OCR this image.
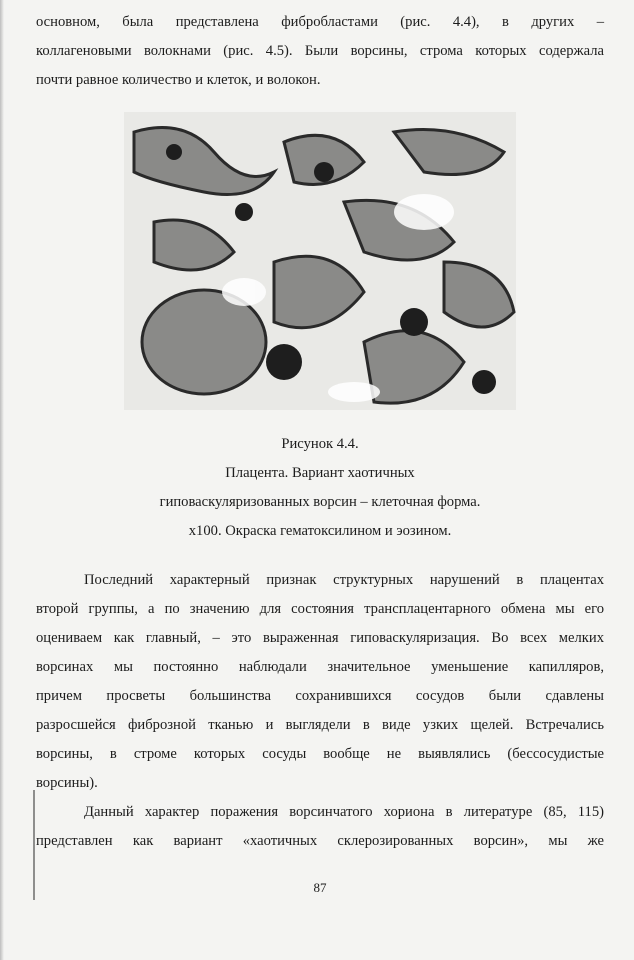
основном, была представлена фибробластами (рис. 4.4), в других –

коллагеновыми волокнами (рис. 4.5). Были ворсины, строма которых содержала

почти равное количество и клеток, и волокон.

Рисунок 4.4.
Плацента. Вариант хаотичных
гиповаскуляризованных ворсин – клеточная форма.
х100. Окраска гематоксилином и эозином.

Последний характерный признак структурных нарушений в плацентах

второй группы, а по значению для состояния трансплацентарного обмена мы его

оцениваем как главный, – это выраженная гиповаскуляризация. Во всех мелких

ворсинах мы постоянно наблюдали значительное уменьшение капилляров,

причем просветы большинства сохранившихся сосудов были сдавлены

разросшейся фиброзной тканью и выглядели в виде узких щелей. Встречались

ворсины, в строме которых сосуды вообще не выявлялись (бессосудистые

ворсины).

Данный характер поражения ворсинчатого хориона в литературе (85, 115)

представлен как вариант «хаотичных склерозированных ворсин», мы же

87
